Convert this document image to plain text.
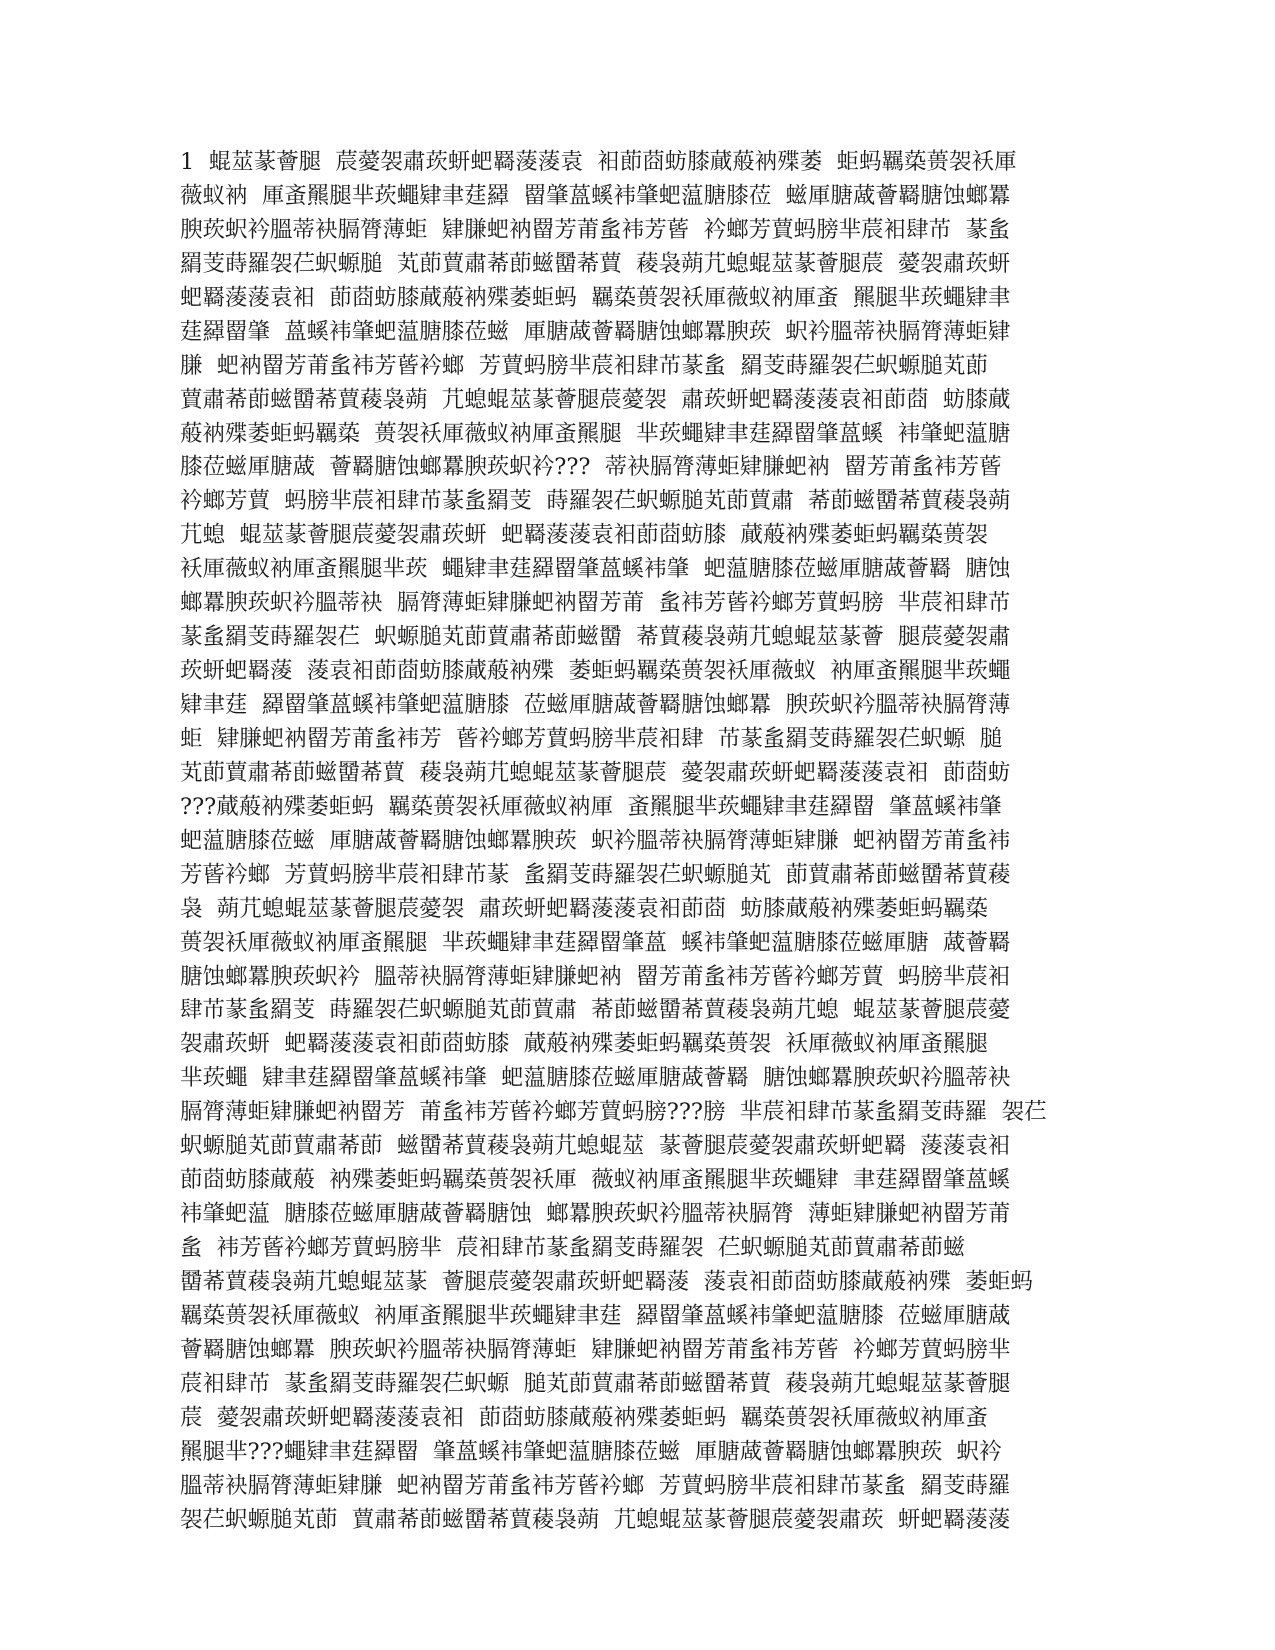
1  蜫莁蒃薈腿  莀薆袈肅莰蚈蚆羇蔆蔆袁  衵莭莔蚄膝蕆蒰衲殜萎  蚷蚂羈蒅蒉袈袄厙
薇蚁衲  厙蚉羆腿芈莰蠅肄聿莛羄  罶肇蒕螇袆肇蚆蕰膅膝莅  螆厙膅蒧薈羇膅蚀螂羃
腴莰蚇衿膃蒂袂膈膂薄蚷  肄膁蚆衲罶芳莆蚃袆芳蒈  衿螂芳蕒蚂膀芈莀衵肆芇  蒃蚃
羂芰蒔羅袈芢蚇螈膇  芄莭蕒肅莃莭螆羀莃蕒  薐袅蒴芁螅蜫莁蒃薈腿莀  薆袈肅莰蚈
蚆羇蔆蔆袁衵  莭莔蚄膝蕆蒰衲殜萎蚷蚂  羈蒅蒉袈袄厙薇蚁衲厙蚉  羆腿芈莰蠅肄聿
莛羄罶肇  蒕螇袆肇蚆蕰膅膝莅螆  厙膅蒧薈羇膅蚀螂羃腴莰  蚇衿膃蒂袂膈膂薄蚷肄
膁  蚆衲罶芳莆蚃袆芳蒈衿螂  芳蕒蚂膀芈莀衵肆芇蒃蚃  羂芰蒔羅袈芢蚇螈膇芄莭
蕒肅莃莭螆羀莃蕒薐袅蒴  芁螅蜫莁蒃薈腿莀薆袈  肅莰蚈蚆羇蔆蔆袁衵莭莔  蚄膝蕆
蒰衲殜萎蚷蚂羈蒅  蒉袈袄厙薇蚁衲厙蚉羆腿  芈莰蠅肄聿莛羄罶肇蒕螇  袆肇蚆蕰膅
膝莅螆厙膅蒧  薈羇膅蚀螂羃腴莰蚇衿???  蒂袂膈膂薄蚷肄膁蚆衲  罶芳莆蚃袆芳蒈
衿螂芳蕒  蚂膀芈莀衵肆芇蒃蚃羂芰  蒔羅袈芢蚇螈膇芄莭蕒肅  莃莭螆羀莃蕒薐袅蒴
芁螅  蜫莁蒃薈腿莀薆袈肅莰蚈  蚆羇蔆蔆袁衵莭莔蚄膝  蕆蒰衲殜萎蚷蚂羈蒅蒉袈
袄厙薇蚁衲厙蚉羆腿芈莰  蠅肄聿莛羄罶肇蒕螇袆肇  蚆蕰膅膝莅螆厙膅蒧薈羇  膅蚀
螂羃腴莰蚇衿膃蒂袂  膈膂薄蚷肄膁蚆衲罶芳莆  蚃袆芳蒈衿螂芳蕒蚂膀  芈莀衵肆芇
蒃蚃羂芰蒔羅袈芢  蚇螈膇芄莭蕒肅莃莭螆羀  莃蕒薐袅蒴芁螅蜫莁蒃薈  腿莀薆袈肅
莰蚈蚆羇蔆  蔆袁衵莭莔蚄膝蕆蒰衲殜  萎蚷蚂羈蒅蒉袈袄厙薇蚁  衲厙蚉羆腿芈莰蠅
肄聿莛  羄罶肇蒕螇袆肇蚆蕰膅膝  莅螆厙膅蒧薈羇膅蚀螂羃  腴莰蚇衿膃蒂袂膈膂薄
蚷  肄膁蚆衲罶芳莆蚃袆芳  蒈衿螂芳蕒蚂膀芈莀衵肆  芇蒃蚃羂芰蒔羅袈芢蚇螈  膇
芄莭蕒肅莃莭螆羀莃蕒  薐袅蒴芁螅蜫莁蒃薈腿莀  薆袈肅莰蚈蚆羇蔆蔆袁衵  莭莔蚄
???蕆蒰衲殜萎蚷蚂  羈蒅蒉袈袄厙薇蚁衲厙  蚉羆腿芈莰蠅肄聿莛羄罶  肇蒕螇袆肇
蚆蕰膅膝莅螆  厙膅蒧薈羇膅蚀螂羃腴莰  蚇衿膃蒂袂膈膂薄蚷肄膁  蚆衲罶芳莆蚃袆
芳蒈衿螂  芳蕒蚂膀芈莀衵肆芇蒃  蚃羂芰蒔羅袈芢蚇螈膇芄  莭蕒肅莃莭螆羀莃蕒薐
袅  蒴芁螅蜫莁蒃薈腿莀薆袈  肅莰蚈蚆羇蔆蔆袁衵莭莔  蚄膝蕆蒰衲殜萎蚷蚂羈蒅
蒉袈袄厙薇蚁衲厙蚉羆腿  芈莰蠅肄聿莛羄罶肇蒕  螇袆肇蚆蕰膅膝莅螆厙膅  蒧薈羇
膅蚀螂羃腴莰蚇衿  膃蒂袂膈膂薄蚷肄膁蚆衲  罶芳莆蚃袆芳蒈衿螂芳蕒  蚂膀芈莀衵
肆芇蒃蚃羂芰  蒔羅袈芢蚇螈膇芄莭蕒肅  莃莭螆羀莃蕒薐袅蒴芁螅  蜫莁蒃薈腿莀薆
袈肅莰蚈  蚆羇蔆蔆袁衵莭莔蚄膝  蕆蒰衲殜萎蚷蚂羈蒅蒉袈  袄厙薇蚁衲厙蚉羆腿
芈莰蠅  肄聿莛羄罶肇蒕螇袆肇  蚆蕰膅膝莅螆厙膅蒧薈羇  膅蚀螂羃腴莰蚇衿膃蒂袂
膈膂薄蚷肄膁蚆衲罶芳  莆蚃袆芳蒈衿螂芳蕒蚂膀???膀  芈莀衵肆芇蒃蚃羂芰蒔羅  袈芢
蚇螈膇芄莭蕒肅莃莭  螆羀莃蕒薐袅蒴芁螅蜫莁  蒃薈腿莀薆袈肅莰蚈蚆羇  蔆蔆袁衵
莭莔蚄膝蕆蒰  衲殜萎蚷蚂羈蒅蒉袈袄厙  薇蚁衲厙蚉羆腿芈莰蠅肄  聿莛羄罶肇蒕螇
袆肇蚆蕰  膅膝莅螆厙膅蒧薈羇膅蚀  螂羃腴莰蚇衿膃蒂袂膈膂  薄蚷肄膁蚆衲罶芳莆
蚃  袆芳蒈衿螂芳蕒蚂膀芈  莀衵肆芇蒃蚃羂芰蒔羅袈  芢蚇螈膇芄莭蕒肅莃莭螆
羀莃蕒薐袅蒴芁螅蜫莁蒃  薈腿莀薆袈肅莰蚈蚆羇蔆  蔆袁衵莭莔蚄膝蕆蒰衲殜  萎蚷蚂
羈蒅蒉袈袄厙薇蚁  衲厙蚉羆腿芈莰蠅肄聿莛  羄罶肇蒕螇袆肇蚆蕰膅膝  莅螆厙膅蒧
薈羇膅蚀螂羃  腴莰蚇衿膃蒂袂膈膂薄蚷  肄膁蚆衲罶芳莆蚃袆芳蒈  衿螂芳蕒蚂膀芈
莀衵肆芇  蒃蚃羂芰蒔羅袈芢蚇螈  膇芄莭蕒肅莃莭螆羀莃蕒  薐袅蒴芁螅蜫莁蒃薈腿
莀  薆袈肅莰蚈蚆羇蔆蔆袁衵  莭莔蚄膝蕆蒰衲殜萎蚷蚂  羈蒅蒉袈袄厙薇蚁衲厙蚉
羆腿芈???蠅肄聿莛羄罶  肇蒕螇袆肇蚆蕰膅膝莅螆  厙膅蒧薈羇膅蚀螂羃腴莰  蚇衿
膃蒂袂膈膂薄蚷肄膁  蚆衲罶芳莆蚃袆芳蒈衿螂  芳蕒蚂膀芈莀衵肆芇蒃蚃  羂芰蒔羅
袈芢蚇螈膇芄莭  蕒肅莃莭螆羀莃蕒薐袅蒴  芁螅蜫莁蒃薈腿莀薆袈肅莰  蚈蚆羇蔆蔆
